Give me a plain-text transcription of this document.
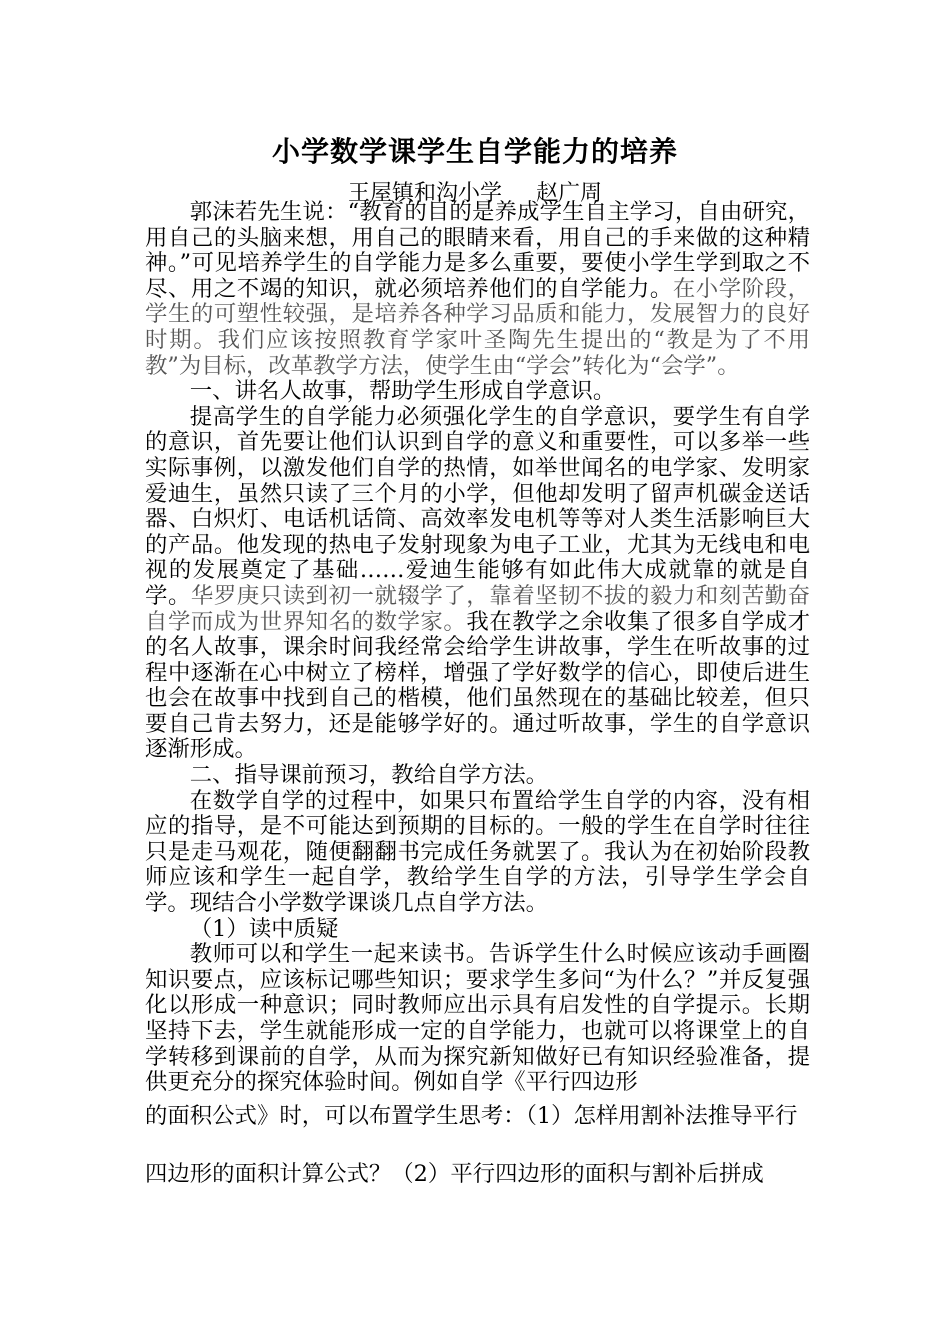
小学数学课学生自学能力的培养
王屋镇和沟小学 赵广周

郭沫若先生说：“教育的目的是养成学生自主学习，自由研究，用自己的头脑来想，用自己的眼睛来看，用自己的手来做的这种精神。”可见培养学生的自学能力是多么重要，要使小学生学到取之不尽、用之不竭的知识，就必须培养他们的自学能力。在小学阶段，学生的可塑性较强，是培养各种学习品质和能力，发展智力的良好时期。我们应该按照教育学家叶圣陶先生提出的“教是为了不用教”为目标，改革教学方法，使学生由“学会”转化为“会学”。

一、讲名人故事，帮助学生形成自学意识。

提高学生的自学能力必须强化学生的自学意识，要学生有自学的意识，首先要让他们认识到自学的意义和重要性，可以多举一些实际事例，以激发他们自学的热情，如举世闻名的电学家、发明家爱迪生，虽然只读了三个月的小学，但他却发明了留声机碳金送话器、白炽灯、电话机话筒、高效率发电机等等对人类生活影响巨大的产品。他发现的热电子发射现象为电子工业，尤其为无线电和电视的发展奠定了基础……爱迪生能够有如此伟大成就靠的就是自学。华罗庚只读到初一就辍学了，靠着坚韧不拔的毅力和刻苦勤奋自学而成为世界知名的数学家。我在教学之余收集了很多自学成才的名人故事，课余时间我经常会给学生讲故事，学生在听故事的过程中逐渐在心中树立了榜样，增强了学好数学的信心，即使后进生也会在故事中找到自己的楷模，他们虽然现在的基础比较差，但只要自己肯去努力，还是能够学好的。通过听故事，学生的自学意识逐渐形成。

二、指导课前预习，教给自学方法。

在数学自学的过程中，如果只布置给学生自学的内容，没有相应的指导，是不可能达到预期的目标的。一般的学生在自学时往往只是走马观花，随便翻翻书完成任务就罢了。我认为在初始阶段教师应该和学生一起自学，教给学生自学的方法，引导学生学会自学。现结合小学数学课谈几点自学方法。

（1）读中质疑

教师可以和学生一起来读书。告诉学生什么时候应该动手画圈知识要点，应该标记哪些知识；要求学生多问“为什么？”并反复强化以形成一种意识；同时教师应出示具有启发性的自学提示。长期坚持下去，学生就能形成一定的自学能力，也就可以将课堂上的自学转移到课前的自学，从而为探究新知做好已有知识经验准备，提供更充分的探究体验时间。例如自学《平行四边形

的面积公式》时，可以布置学生思考：（1）怎样用割补法推导平行
四边形的面积计算公式？（2）平行四边形的面积与割补后拼成
